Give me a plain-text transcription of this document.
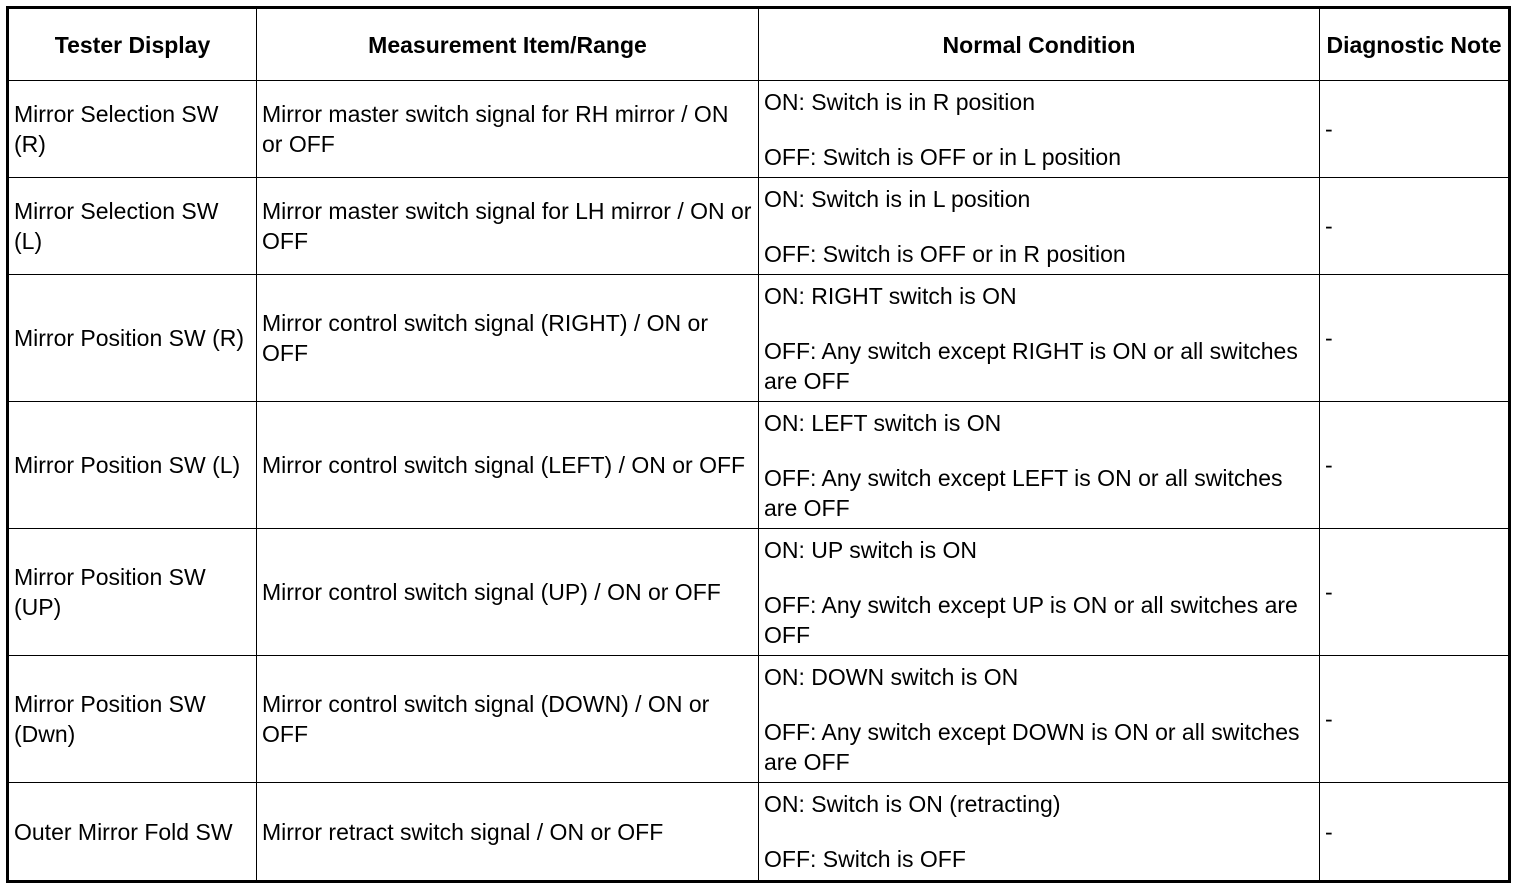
Tester Display	Measurement Item/Range	Normal Condition	Diagnostic Note
Mirror Selection SW (R)	Mirror master switch signal for RH mirror / ON or OFF	ON: Switch is in R position
OFF: Switch is OFF or in L position	-
Mirror Selection SW (L)	Mirror master switch signal for LH mirror / ON or OFF	ON: Switch is in L position
OFF: Switch is OFF or in R position	-
Mirror Position SW (R)	Mirror control switch signal (RIGHT) / ON or OFF	ON: RIGHT switch is ON
OFF: Any switch except RIGHT is ON or all switches are OFF	-
Mirror Position SW (L)	Mirror control switch signal (LEFT) / ON or OFF	ON: LEFT switch is ON
OFF: Any switch except LEFT is ON or all switches are OFF	-
Mirror Position SW (UP)	Mirror control switch signal (UP) / ON or OFF	ON: UP switch is ON
OFF: Any switch except UP is ON or all switches are OFF	-
Mirror Position SW (Dwn)	Mirror control switch signal (DOWN) / ON or OFF	ON: DOWN switch is ON
OFF: Any switch except DOWN is ON or all switches are OFF	-
Outer Mirror Fold SW	Mirror retract switch signal / ON or OFF	ON: Switch is ON (retracting)
OFF: Switch is OFF	-
